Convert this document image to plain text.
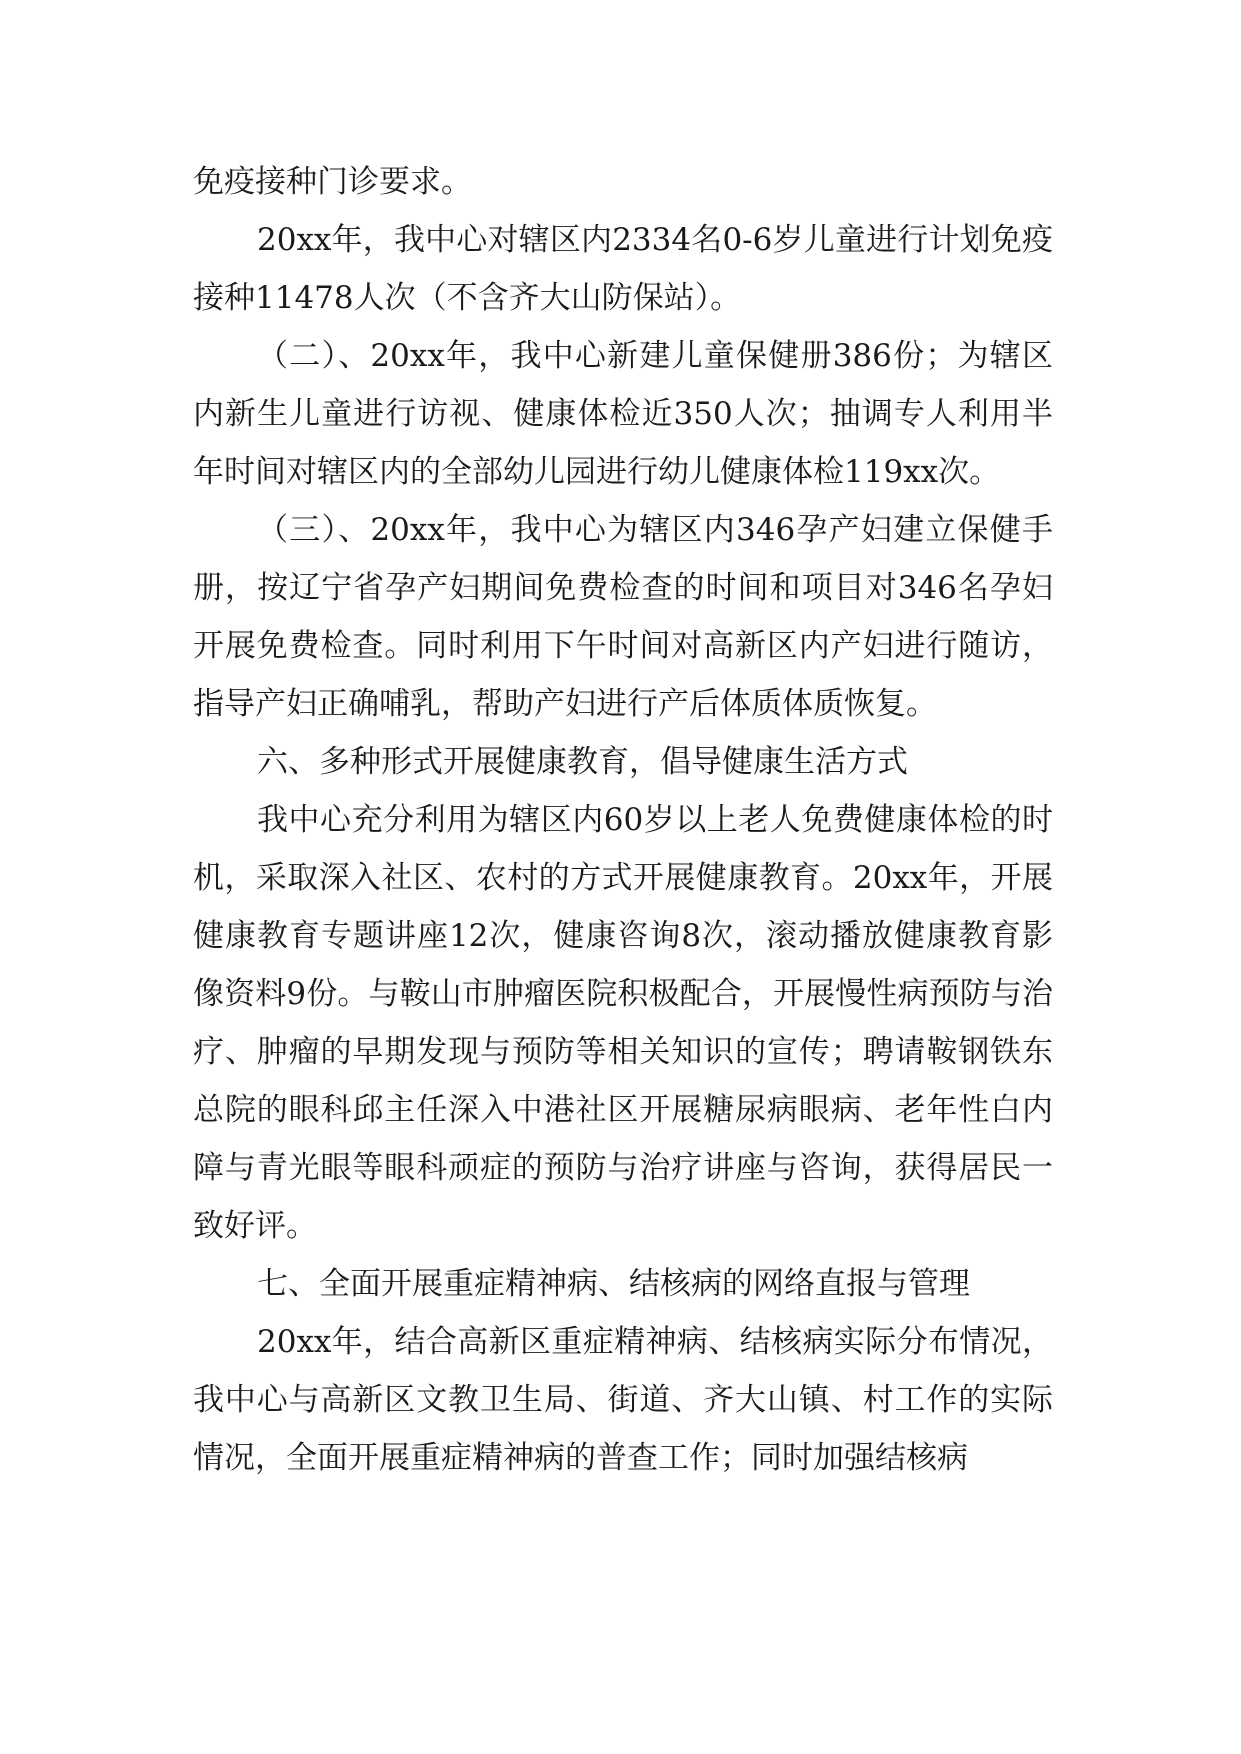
免疫接种门诊要求。

20xx年，我中心对辖区内2334名0-6岁儿童进行计划免疫接种11478人次（不含齐大山防保站）。

（二）、20xx年，我中心新建儿童保健册386份；为辖区内新生儿童进行访视、健康体检近350人次；抽调专人利用半年时间对辖区内的全部幼儿园进行幼儿健康体检119xx次。

（三）、20xx年，我中心为辖区内346孕产妇建立保健手册，按辽宁省孕产妇期间免费检查的时间和项目对346名孕妇开展免费检查。同时利用下午时间对高新区内产妇进行随访，指导产妇正确哺乳，帮助产妇进行产后体质体质恢复。

六、多种形式开展健康教育，倡导健康生活方式

我中心充分利用为辖区内60岁以上老人免费健康体检的时机，采取深入社区、农村的方式开展健康教育。20xx年，开展健康教育专题讲座12次，健康咨询8次，滚动播放健康教育影像资料9份。与鞍山市肿瘤医院积极配合，开展慢性病预防与治疗、肿瘤的早期发现与预防等相关知识的宣传；聘请鞍钢铁东总院的眼科邱主任深入中港社区开展糖尿病眼病、老年性白内障与青光眼等眼科顽症的预防与治疗讲座与咨询，获得居民一致好评。

七、全面开展重症精神病、结核病的网络直报与管理

20xx年，结合高新区重症精神病、结核病实际分布情况，我中心与高新区文教卫生局、街道、齐大山镇、村工作的实际情况，全面开展重症精神病的普查工作；同时加强结核病
